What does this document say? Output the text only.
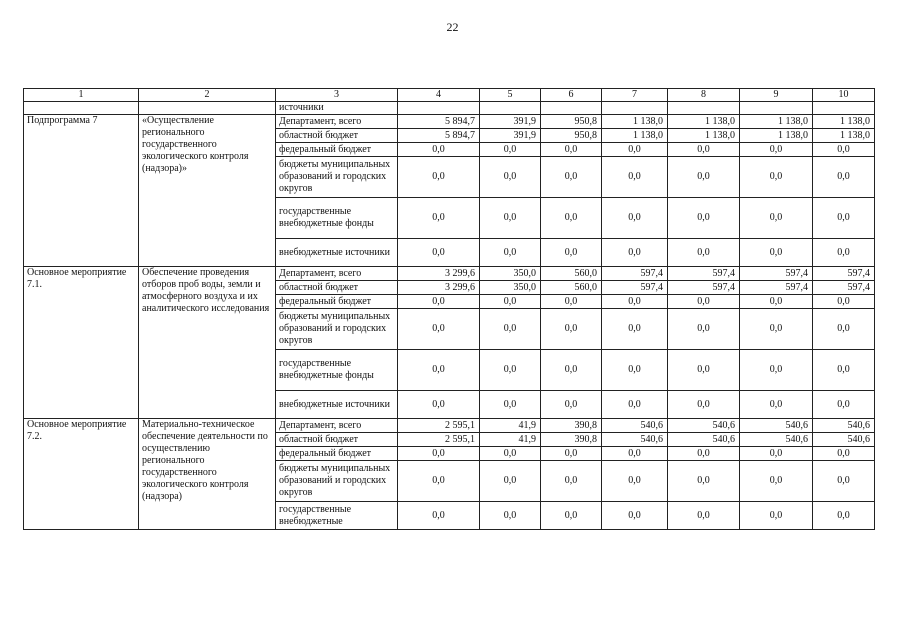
22
1	2	3	4	5	6	7	8	9	10
		источники							
Подпрограмма 7	«Осуществление регионального государственного экологического контроля (надзора)»	Департамент, всего	5 894,7	391,9	950,8	1 138,0	1 138,0	1 138,0	1 138,0
		областной бюджет	5 894,7	391,9	950,8	1 138,0	1 138,0	1 138,0	1 138,0
		федеральный бюджет	0,0	0,0	0,0	0,0	0,0	0,0	0,0
		бюджеты муниципальных образований и городских округов	0,0	0,0	0,0	0,0	0,0	0,0	0,0
		государственные внебюджетные фонды	0,0	0,0	0,0	0,0	0,0	0,0	0,0
		внебюджетные источники	0,0	0,0	0,0	0,0	0,0	0,0	0,0
Основное мероприятие 7.1.	Обеспечение проведения отборов проб воды, земли и атмосферного воздуха и их аналитического исследования	Департамент, всего	3 299,6	350,0	560,0	597,4	597,4	597,4	597,4
		областной бюджет	3 299,6	350,0	560,0	597,4	597,4	597,4	597,4
		федеральный бюджет	0,0	0,0	0,0	0,0	0,0	0,0	0,0
		бюджеты муниципальных образований и городских округов	0,0	0,0	0,0	0,0	0,0	0,0	0,0
		государственные внебюджетные фонды	0,0	0,0	0,0	0,0	0,0	0,0	0,0
		внебюджетные источники	0,0	0,0	0,0	0,0	0,0	0,0	0,0
Основное мероприятие 7.2.	Материально-техническое обеспечение деятельности по осуществлению регионального государственного экологического контроля (надзора)	Департамент, всего	2 595,1	41,9	390,8	540,6	540,6	540,6	540,6
		областной бюджет	2 595,1	41,9	390,8	540,6	540,6	540,6	540,6
		федеральный бюджет	0,0	0,0	0,0	0,0	0,0	0,0	0,0
		бюджеты муниципальных образований и городских округов	0,0	0,0	0,0	0,0	0,0	0,0	0,0
		государственные внебюджетные	0,0	0,0	0,0	0,0	0,0	0,0	0,0
